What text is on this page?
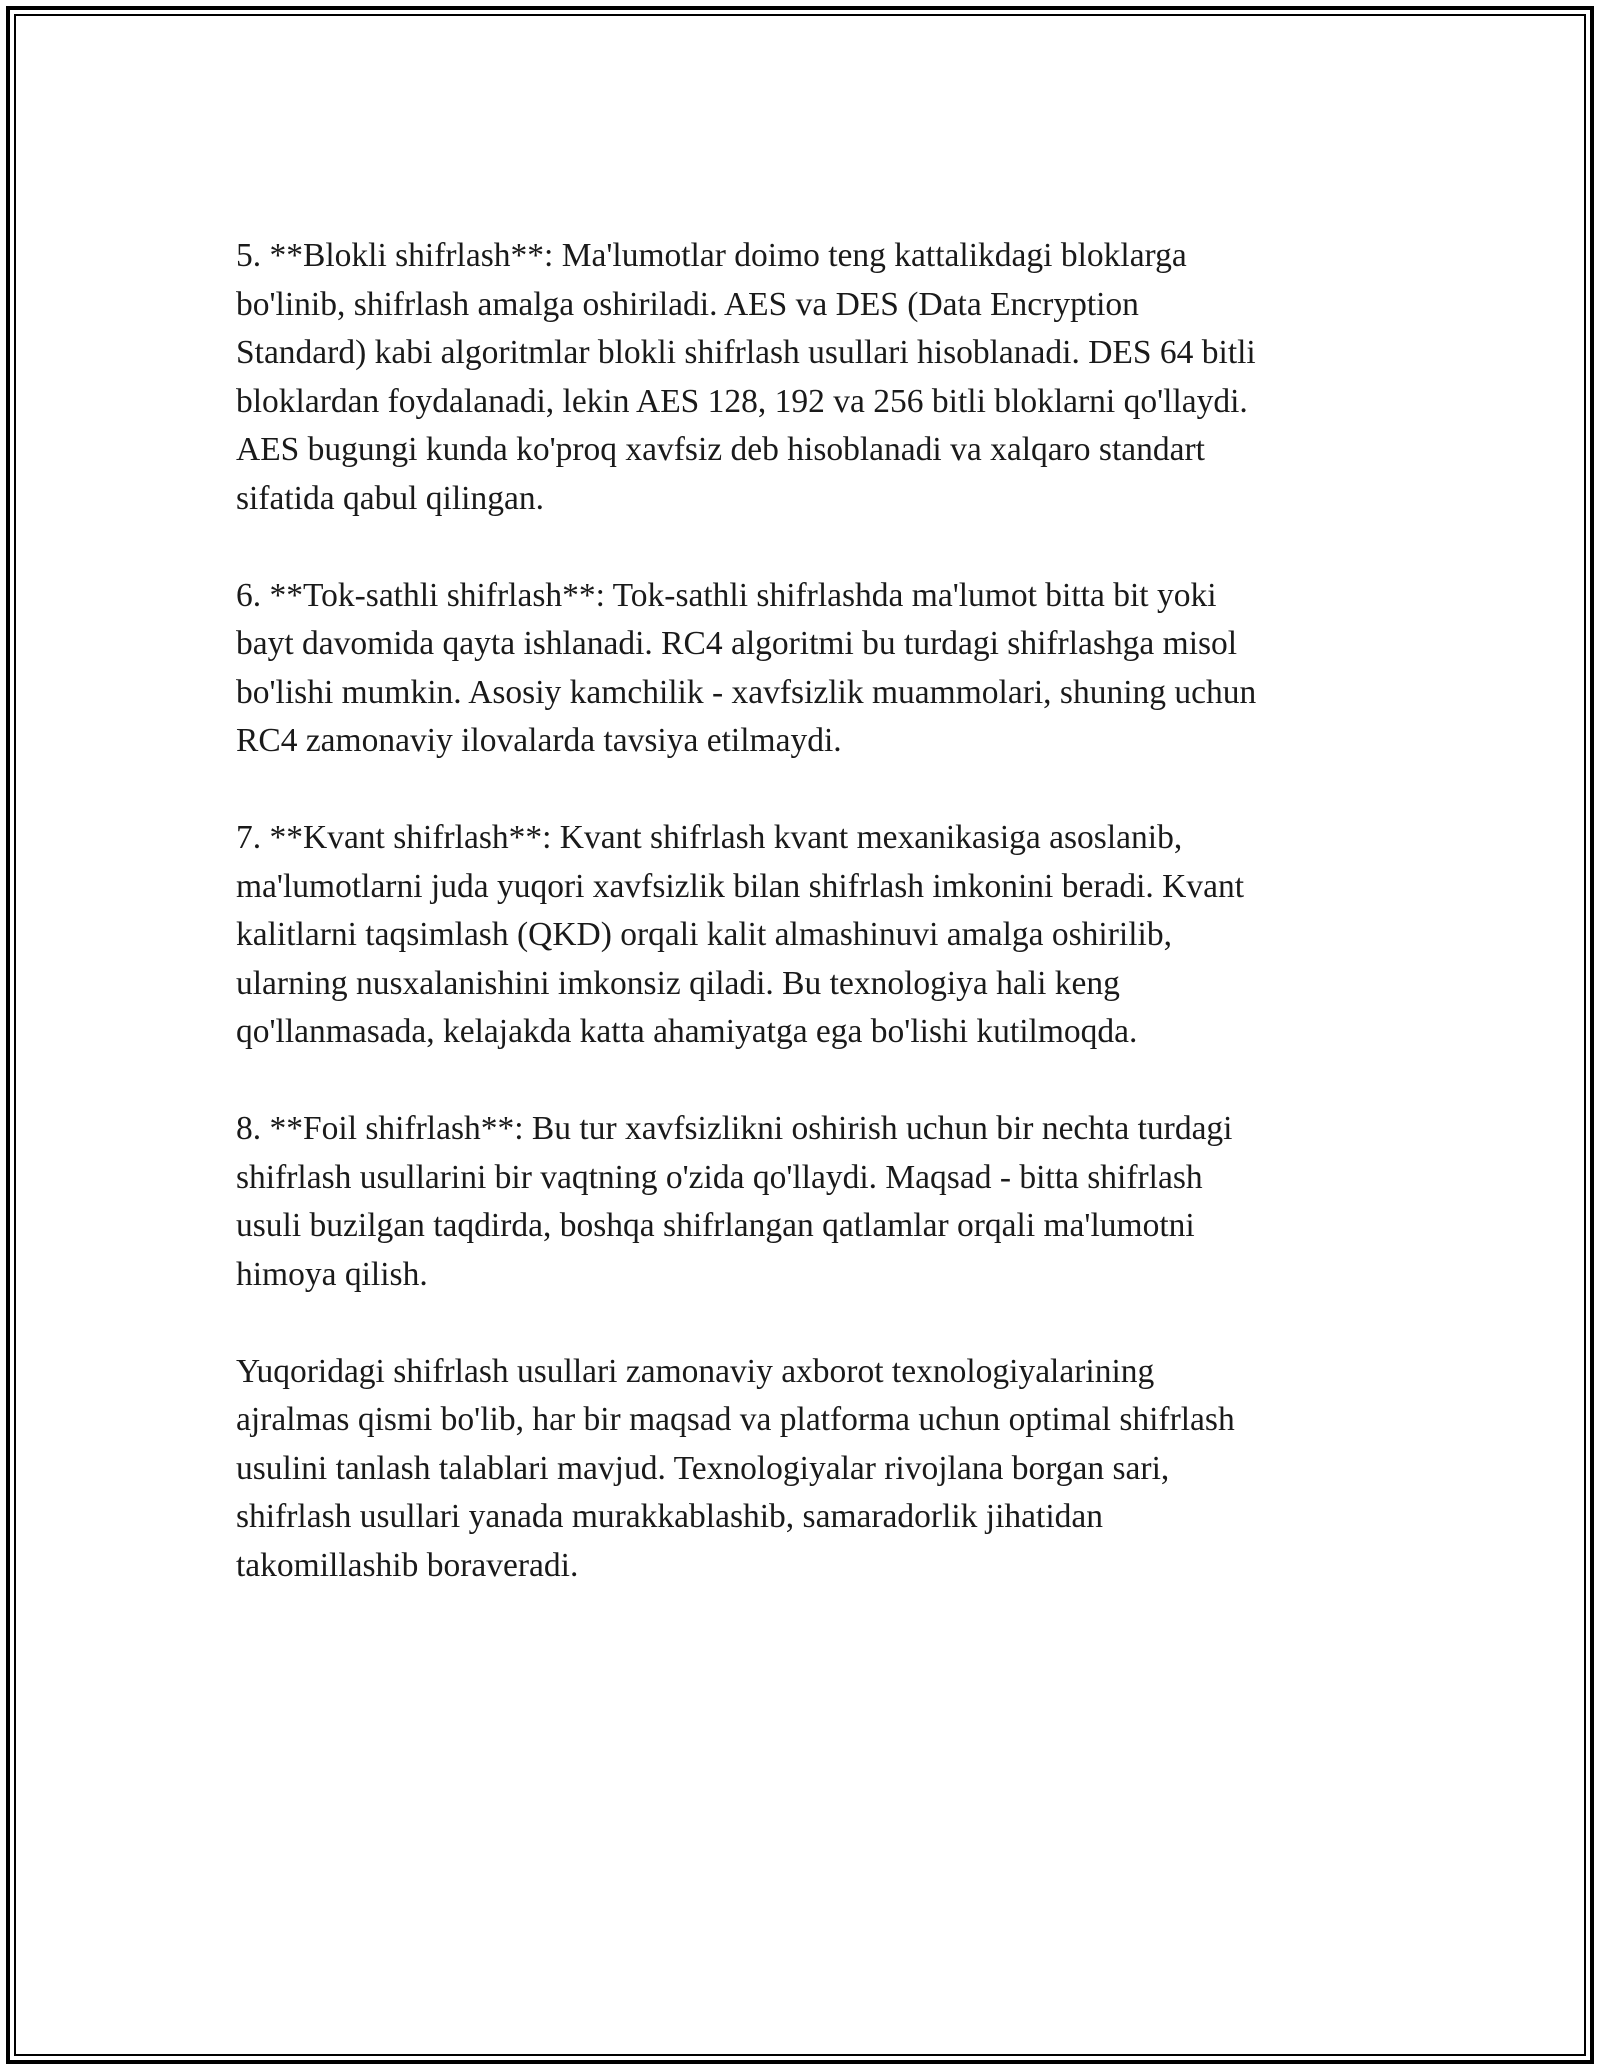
5. **Blokli shifrlash**: Ma'lumotlar doimo teng kattalikdagi bloklarga
bo'linib, shifrlash amalga oshiriladi. AES va DES (Data Encryption
Standard) kabi algoritmlar blokli shifrlash usullari hisoblanadi. DES 64 bitli
bloklardan foydalanadi, lekin AES 128, 192 va 256 bitli bloklarni qo'llaydi.
AES bugungi kunda ko'proq xavfsiz deb hisoblanadi va xalqaro standart
sifatida qabul qilingan.

6. **Tok-sathli shifrlash**: Tok-sathli shifrlashda ma'lumot bitta bit yoki
bayt davomida qayta ishlanadi. RC4 algoritmi bu turdagi shifrlashga misol
bo'lishi mumkin. Asosiy kamchilik - xavfsizlik muammolari, shuning uchun
RC4 zamonaviy ilovalarda tavsiya etilmaydi.

7. **Kvant shifrlash**: Kvant shifrlash kvant mexanikasiga asoslanib,
ma'lumotlarni juda yuqori xavfsizlik bilan shifrlash imkonini beradi. Kvant
kalitlarni taqsimlash (QKD) orqali kalit almashinuvi amalga oshirilib,
ularning nusxalanishini imkonsiz qiladi. Bu texnologiya hali keng
qo'llanmasada, kelajakda katta ahamiyatga ega bo'lishi kutilmoqda.

8. **Foil shifrlash**: Bu tur xavfsizlikni oshirish uchun bir nechta turdagi
shifrlash usullarini bir vaqtning o'zida qo'llaydi. Maqsad - bitta shifrlash
usuli buzilgan taqdirda, boshqa shifrlangan qatlamlar orqali ma'lumotni
himoya qilish.

Yuqoridagi shifrlash usullari zamonaviy axborot texnologiyalarining
ajralmas qismi bo'lib, har bir maqsad va platforma uchun optimal shifrlash
usulini tanlash talablari mavjud. Texnologiyalar rivojlana borgan sari,
shifrlash usullari yanada murakkablashib, samaradorlik jihatidan
takomillashib boraveradi.
